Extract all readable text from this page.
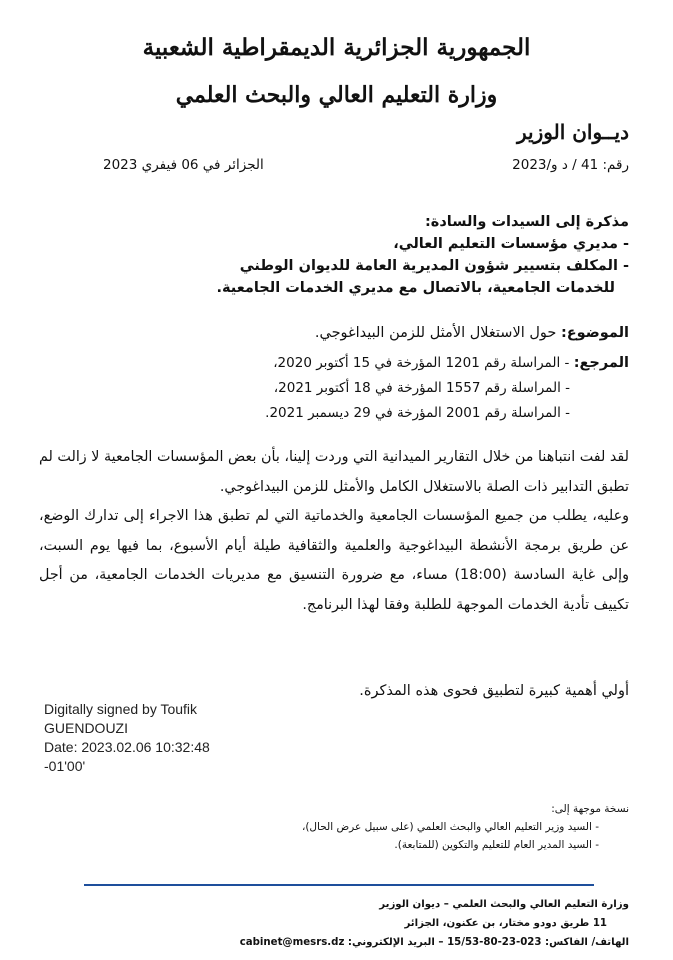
الجمهورية الجزائرية الديمقراطية الشعبية
وزارة التعليم العالي والبحث العلمي
ديــوان الوزير
رقم: 41 / د و/2023
الجزائر في 06 فيفري 2023
مذكرة إلى السيدات والسادة:
- مديري مؤسسات التعليم العالي،
- المكلف بتسيير شؤون المديرية العامة للديوان الوطني
للخدمات الجامعية، بالاتصال مع مديري الخدمات الجامعية.
الموضوع: حول الاستغلال الأمثل للزمن البيداغوجي.
المرجع: - المراسلة رقم 1201 المؤرخة في 15 أكتوبر 2020،
- المراسلة رقم 1557 المؤرخة في 18 أكتوبر 2021،
- المراسلة رقم 2001 المؤرخة في 29 ديسمبر 2021.

لقد لفت انتباهنا من خلال التقارير الميدانية التي وردت إلينا، بأن بعض المؤسسات الجامعية لا زالت لم تطبق التدابير ذات الصلة بالاستغلال الكامل والأمثل للزمن البيداغوجي.

وعليه، يطلب من جميع المؤسسات الجامعية والخدماتية التي لم تطبق هذا الاجراء إلى تدارك الوضع، عن طريق برمجة الأنشطة البيداغوجية والعلمية والثقافية طيلة أيام الأسبوع، بما فيها يوم السبت، وإلى غاية السادسة (18:00) مساء، مع ضرورة التنسيق مع مديريات الخدمات الجامعية، من أجل تكييف تأدية الخدمات الموجهة للطلبة وفقا لهذا البرنامج.

أولي أهمية كبيرة لتطبيق فحوى هذه المذكرة.
Digitally signed by Toufik
GUENDOUZI
Date: 2023.02.06 10:32:48
-01'00'
نسخة موجهة إلى:
- السيد وزير التعليم العالي والبحث العلمي (على سبيل عرض الحال)،
- السيد المدير العام للتعليم والتكوين (للمتابعة).
وزارة التعليم العالي والبحث العلمي – ديوان الوزير
11 طريق دودو مختار، بن عكنون، الجزائر
الهاتف/ الفاكس: 023-23-80-15/53 – البريد الإلكتروني: cabinet@mesrs.dz
